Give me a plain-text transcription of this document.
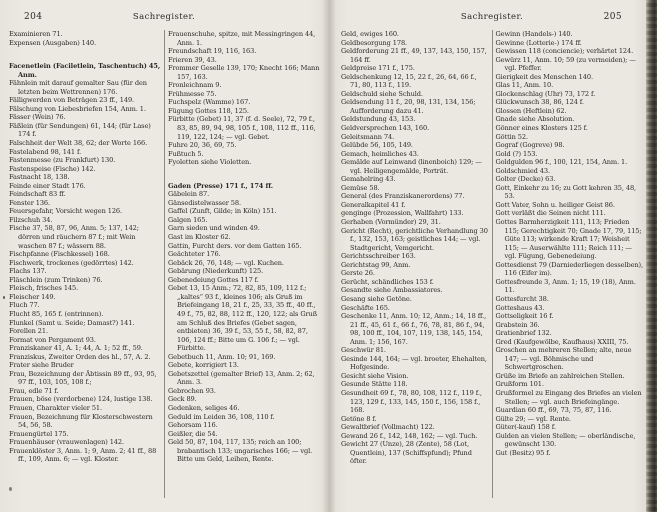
204	Sachregister.

Examinieren 71.

Expensen (Ausgaben) 140.

Facenetlein (Faciletlein, Taschentuch) 45, Anm.

Fähnlein mit darauf gemalter Sau (für den letzten beim Wettrennen) 176.

Fälligwerden von Beträgen 23 ff., 149.

Fälschung von Liebesbriefen 154, Anm. 1.

Fässer (Wein) 76.

Fäßlein (für Sendungen) 61, 144; (für Lase) 174 f.

Falschheit der Welt 38, 62; der Worte 166.

Fastelabend 98, 141 f.

Fastenmesse (zu Frankfurt) 130.

Fastenspeise (Fische) 142.

Fastnacht 18, 138.

Feinde einer Stadt 176.

Feindschaft 83 ff.

Fenster 136.

Feuersgefahr, Vorsicht wegen 126.

Filzschuh 34.

Fische 37, 58, 87, 96, Anm. 5; 137, 142; dörren und räuchern 87 f.; mit Wein waschen 87 f.; wässern 88.

Fischpfanne (Fischkessel) 168.

Fischwerk, trockenes (gedörrtes) 142.

Flachs 137.

Fläschlein (zum Trinken) 76.

Fleisch, frisches 145.

Fleischer 149.

Fluch 77.

Flucht 85, 165 f. (entrinnen).

Flunkel (Samt u. Seide; Damast?) 141.

Forellen 21.

Format von Pergament 93.

Franziskaner 41, A. 1; 44, A. 1; 52 ff., 59.

Franziskus, Zweiter Orden des hl., 57, A. 2.

Frater siehe Bruder

Frau, Bezeichnung der Äbtissin 89 ff., 93, 95, 97 ff., 103, 105, 108 f.;

Frau, edle 71 f.

Frauen, böse (verdorbene) 124, lustige 138.

Frauen, Charakter vieler 51.

Frauen, Bezeichnung für Klosterschwestern 54, 56, 58.

Frauengürtel 175.

Frauenhäuser (vrauwenlagen) 142.

Frauenklöster 3, Anm. 1; 9, Anm. 2; 41 ff., 88 ff., 109, Anm. 6; — vgl. Kloster.

Frauenschuhe, spitze, mit Messingringen 44, Anm. 1.

Freundschaft 19, 116, 163.

Frieren 39, 43.

Frommer Geselle 139, 170; Knecht 166; Mann 157, 163.

Fronleichnam 9.

Frühmesse 75.

Fuchspelz (Wamme) 167.

Fügung Gottes 118, 125.

Fürbitte (Gebet) 11, 37 (f. d. Seele), 72, 79 f., 83, 85, 89, 94, 98, 105 f., 108, 112 ff., 116, 119, 122, 124; — vgl. Gebet.

Fuhre 20, 36, 69, 75.

Fußtuch 5.

Fyoletten siehe Violetten.

Gaden (Presse) 171 f., 174 ff.

Gäbelein 87.

Gänsedistelwasser 58.

Gaffel (Zunft, Gilde; in Köln) 151.

Galgen 165.

Garn sieden und winden 49.

Gast im Kloster 62.

Gattin, Furcht ders. vor dem Gatten 165.

Geächteter 176.

Gebäck 26, 76, 148; — vgl. Kuchen.

Gebärung (Niederkunft) 125.

Gebenedeiung Gottes 117 f.

Gebet 13, 15 Anm.; 72, 82, 85, 109, 112 f.; „kaltes“ 93 f., kleines 106; als Gruß im Briefeingang 18, 21 f., 25, 33, 35 ff., 40 ff., 49 f., 75, 82, 88, 112 ff., 120, 122; als Gruß am Schluß des Briefes (Gebet sagen, entbieten) 36, 39 f., 53, 55 f., 58, 82, 87, 106, 124 ff.; Bitte um G. 106 f.; — vgl. Fürbitte.

Gebetbuch 11, Anm. 10; 91, 169.

Gebete, korrigiert 13.

Gebetszettel (gemalter Brief) 13, Anm. 2; 62, Anm. 3.

Gebrochen 93.

Geck 89.

Gedenken, seliges 46.

Geduld im Leiden 36, 108, 110 f.

Gehorsam 116.

Geißler, die 54.

Geld 50, 87, 104, 117, 135; reich an 100; brabantisch 133; ungarisches 166; — vgl. Bitte um Geld, Leihen, Rente.

Sachregister.	205

Geld, ewiges 160.

Geldbesorgung 178.

Geldforderung 21 ff., 49, 137, 143, 150, 157, 164 ff.

Geldpreise 171 f., 175.

Geldschenkung 12, 15, 22 f., 26, 64, 66 f., 71, 80, 113 f., 119.

Geldschuld siehe Schuld.

Geldsendung 11 f., 20, 98, 131, 134, 156; Aufforderung dazu 41.

Geldstundung 43, 153.

Geldversprechen 143, 160.

Geleitsmann 74.

Gelübde 56, 105, 149.

Gemach, heimliches 43.

Gemälde auf Leinwand (linenboich) 129; — vgl. Heiligengemälde, Porträt.

Gemahelring 43.

Gemüse 58.

General (des Franziskanerordens) 77.

Generalkapitel 41 f.

genginge (Prozession, Wallfahrt) 133.

Gerhaben (Vormünder) 29, 31.

Gericht (Recht), gerichtliche Verhandlung 30 f., 132, 153, 163; geistliches 144; — vgl. Stadtgericht, Vemgericht.

Gerichtsschreiber 163.

Gerichtstag 99, Anm.

Gerste 26.

Gerücht, schändliches 153 f.

Gesandte siehe Ambassiatores.

Gesang siehe Getöne.

Geschäfte 165.

Geschenke 11, Anm. 10; 12, Anm.; 14, 18 ff., 21 ff., 45, 61 f., 66 f., 76, 78, 81, 86 f., 94, 98, 100 ff., 104, 107, 119, 138, 145, 154, Anm. 1; 156, 167.

Geschwür 81.

Gesinde 144, 164; — vgl. broeter, Ehehalten, Hofgesinde.

Gesicht siehe Vision.

Gesunde Stätte 118.

Gesundheit 69 f., 78, 80, 108, 112 f., 119 f., 123, 129 f., 133, 145, 150 f., 156, 158 f., 168.

Getöne 8 f.

Gewaltbrief (Vollmacht) 122.

Gewand 26 f., 142, 148, 162; — vgl. Tuch.

Gewicht 27 (Unze), 28 (Zente), 58 (Lot, Quentlein), 137 (Schiffspfund); Pfund öfter.

Gewinn (Handels-) 140.

Gewinne (Lotterie-) 174 ff.

Gewissen 118 (conciencie); verhärtet 124.

Gewürz 11, Anm. 10; 59 (zu vermeiden); — vgl. Pfeffer.

Gierigkeit des Menschen 140.

Glas 11, Anm. 10.

Glockenschlag (Uhr) 73, 172 f.

Glückwunsch 38, 86, 124 f.

Glossen (Heftlein) 62.

Gnade siehe Absolution.

Gönner eines Klosters 125 f.

Göttin 52.

Gograf (Gogreve) 98.

Gold (?) 153.

Goldgulden 96 f., 100, 121, 154, Anm. 1.

Goldschmied 43.

Golter (Decke) 63.

Gott, Einkehr zu 16; zu Gott kehren 35, 48, 53.

Gott Vater, Sohn u. heiliger Geist 86.

Gott verläßt die Seinen nicht 111.

Gottes Barmherzigkeit 111, 113; Frieden 115; Gerechtigkeit 70; Gnade 17, 79, 115; Güte 113; wirkende Kraft 17; Weisheit 115; — Auserwählte 111; Reich 111; — vgl. Fügung, Gebenedeiung.

Gottesdienst 79 (Darniederliegen desselben), 116 (Eifer im).

Gottesfreunde 3, Anm. 1; 15, 19 (18), Anm. 11.

Gottesfurcht 38.

Gotteshaus 43.

Gottseligkeit 16 f.

Grabstein 36.

Gratienbrief 132.

Gred (Kaufgewölbe, Kaufhaus) XXIII, 75.

Groschen an mehreren Stellen; alte, neue 147; — vgl. Böhmische und Schwertgroschen.

Grüße im Briefe an zahlreichen Stellen.

Grußform 101.

Grußformel zu Eingang des Briefes an vielen Stellen; — vgl. auch Briefeingänge.

Guardian 60 ff., 69, 73, 75, 87, 116.

Gülte 29; — vgl. Rente.

Güter(-kauf) 158 f.

Gulden an vielen Stellen; — oberländische, gewünscht 130.

Gut (Besitz) 95 f.
